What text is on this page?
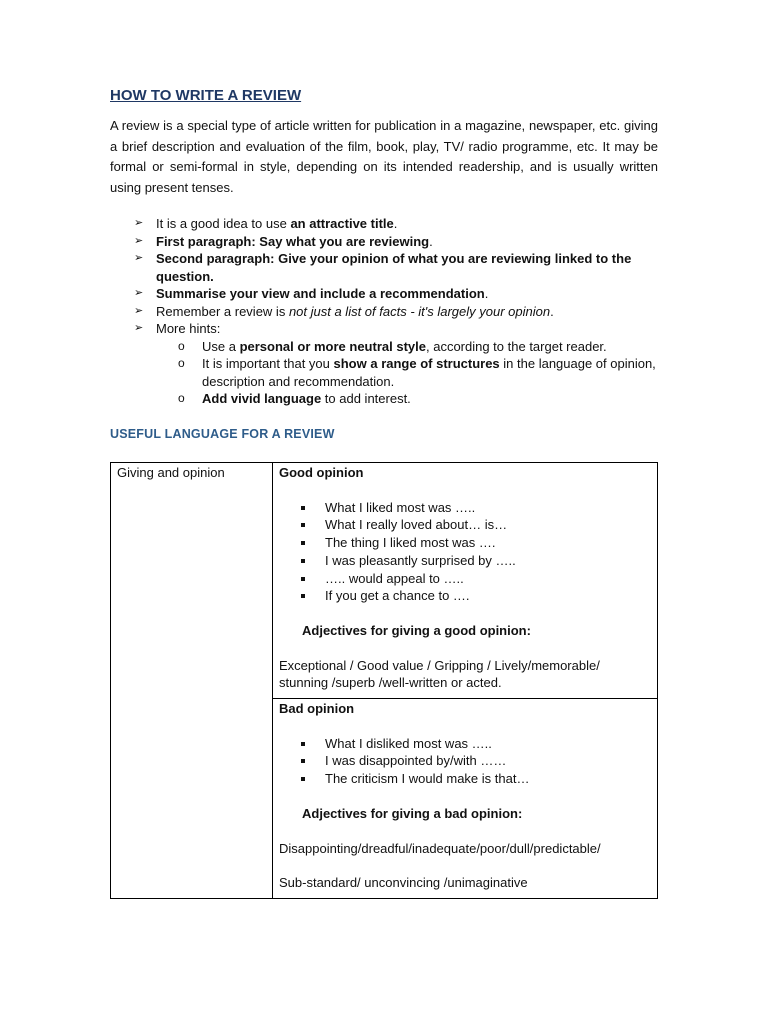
HOW TO WRITE A REVIEW

A review is a special type of article written for publication in a magazine, newspaper, etc. giving a brief description and evaluation of the film, book, play, TV/ radio programme, etc. It may be formal or semi-formal in style, depending on its intended readership, and is usually written using present tenses.

➢ It is a good idea to use an attractive title.
➢ First paragraph: Say what you are reviewing.
➢ Second paragraph: Give your opinion of what you are reviewing linked to the question.
➢ Summarise your view and include a recommendation.
➢ Remember a review is not just a list of facts - it's largely your opinion.
➢ More hints:
o Use a personal or more neutral style, according to the target reader.
o It is important that you show a range of structures in the language of opinion, description and recommendation.
o Add vivid language to add interest.
USEFUL LANGUAGE FOR A REVIEW
Giving and opinion	Good opinion
What I liked most was …..
What I really loved about… is…
The thing I liked most was ….
I was pleasantly surprised by …..
….. would appeal to …..
If you get a chance to ….
Adjectives for giving a good opinion:
Exceptional / Good value / Gripping / Lively/memorable/ stunning /superb /well-written or acted.

Bad opinion
What I disliked most was …..
I was disappointed by/with ……
The criticism I would make is that…
Adjectives for giving a bad opinion:
Disappointing/dreadful/inadequate/poor/dull/predictable/
Sub-standard/ unconvincing /unimaginative
